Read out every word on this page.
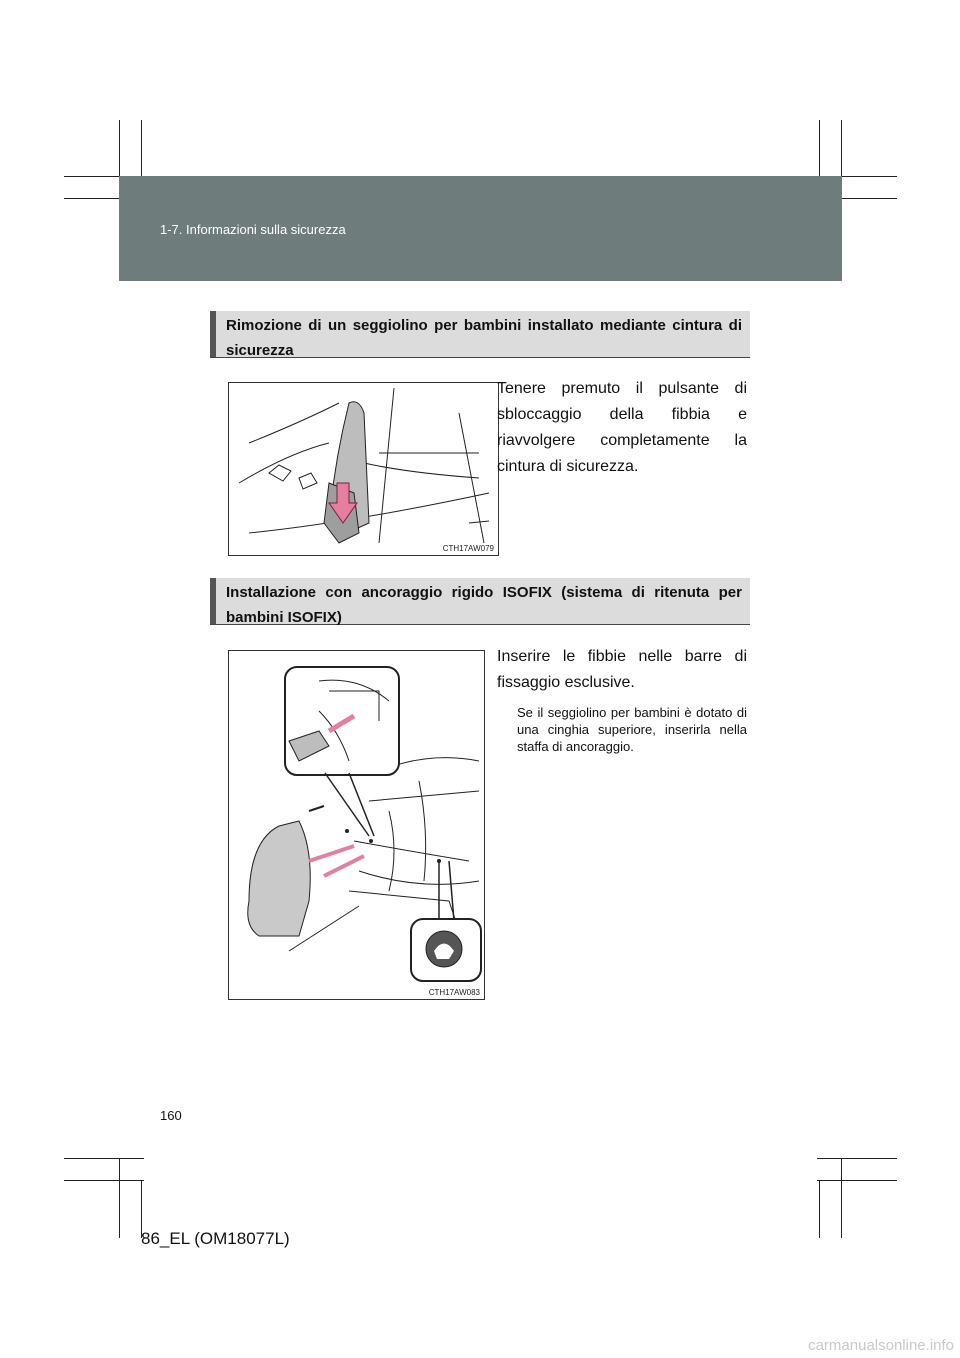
1-7. Informazioni sulla sicurezza
Rimozione di un seggiolino per bambini installato mediante cintura di sicurezza
CTH17AW079
Tenere premuto il pulsante di sbloccaggio della fibbia e riavvolgere completamente la cintura di sicurezza.
Installazione con ancoraggio rigido ISOFIX (sistema di ritenuta per bambini ISOFIX)
CTH17AW083
Inserire le fibbie nelle barre di fissaggio esclusive.
Se il seggiolino per bambini è dotato di una cinghia superiore, inserirla nella staffa di ancoraggio.
160
86_EL (OM18077L)
carmanualsonline.info
